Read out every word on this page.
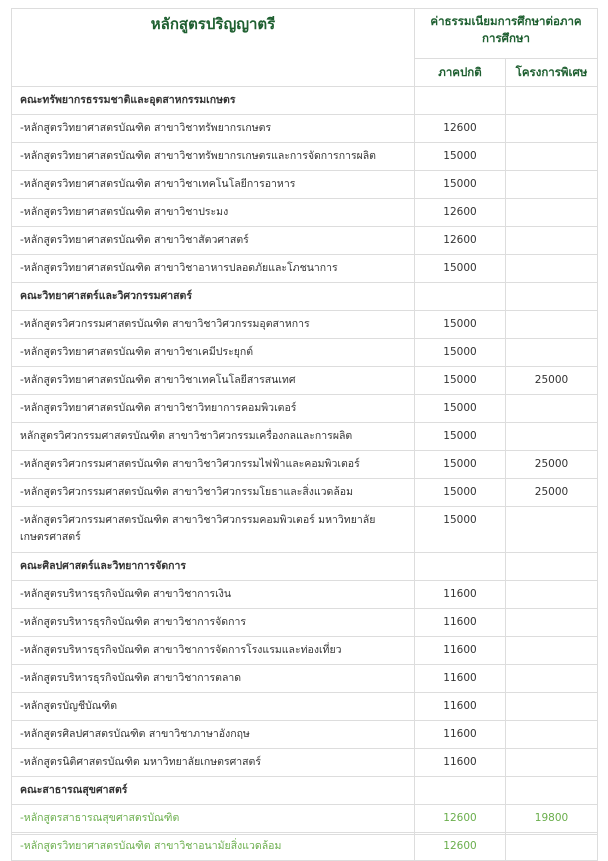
หลักสูตรปริญญาตรี	ค่าธรรมเนียมการศึกษาต่อภาคการศึกษา	
	ภาคปกติ	โครงการพิเศษ
คณะทรัพยากรธรรมชาติและอุตสาหกรรมเกษตร		
-หลักสูตรวิทยาศาสตรบัณฑิต สาขาวิชาทรัพยากรเกษตร	12600	
-หลักสูตรวิทยาศาสตรบัณฑิต สาขาวิชาทรัพยากรเกษตรและการจัดการการผลิต	15000	
-หลักสูตรวิทยาศาสตรบัณฑิต สาขาวิชาเทคโนโลยีการอาหาร	15000	
-หลักสูตรวิทยาศาสตรบัณฑิต สาขาวิชาประมง	12600	
-หลักสูตรวิทยาศาสตรบัณฑิต สาขาวิชาสัตวศาสตร์	12600	
-หลักสูตรวิทยาศาสตรบัณฑิต สาขาวิชาอาหารปลอดภัยและโภชนาการ	15000	
คณะวิทยาศาสตร์และวิศวกรรมศาสตร์		
-หลักสูตรวิศวกรรมศาสตรบัณฑิต สาขาวิชาวิศวกรรมอุตสาหการ	15000	
-หลักสูตรวิทยาศาสตรบัณฑิต สาขาวิชาเคมีประยุกต์	15000	
-หลักสูตรวิทยาศาสตรบัณฑิต สาขาวิชาเทคโนโลยีสารสนเทศ	15000	25000
-หลักสูตรวิทยาศาสตรบัณฑิต สาขาวิชาวิทยาการคอมพิวเตอร์	15000	
หลักสูตรวิศวกรรมศาสตรบัณฑิต สาขาวิชาวิศวกรรมเครื่องกลและการผลิต	15000	
-หลักสูตรวิศวกรรมศาสตรบัณฑิต สาขาวิชาวิศวกรรมไฟฟ้าและคอมพิวเตอร์	15000	25000
-หลักสูตรวิศวกรรมศาสตรบัณฑิต สาขาวิชาวิศวกรรมโยธาและสิ่งแวดล้อม	15000	25000
-หลักสูตรวิศวกรรมศาสตรบัณฑิต สาขาวิชาวิศวกรรมคอมพิวเตอร์ มหาวิทยาลัยเกษตรศาสตร์	15000	
คณะศิลปศาสตร์และวิทยาการจัดการ		
-หลักสูตรบริหารธุรกิจบัณฑิต สาขาวิชาการเงิน	11600	
-หลักสูตรบริหารธุรกิจบัณฑิต สาขาวิชาการจัดการ	11600	
-หลักสูตรบริหารธุรกิจบัณฑิต สาขาวิชาการจัดการโรงแรมและท่องเที่ยว	11600	
-หลักสูตรบริหารธุรกิจบัณฑิต สาขาวิชาการตลาด	11600	
-หลักสูตรบัญชีบัณฑิต	11600	
-หลักสูตรศิลปศาสตรบัณฑิต สาขาวิชาภาษาอังกฤษ	11600	
-หลักสูตรนิติศาสตรบัณฑิต มหาวิทยาลัยเกษตรศาสตร์	11600	
คณะสาธารณสุขศาสตร์		
-หลักสูตรสาธารณสุขศาสตรบัณฑิต	12600	19800
-หลักสูตรวิทยาศาสตรบัณฑิต สาขาวิชาอนามัยสิ่งแวดล้อม	12600	
